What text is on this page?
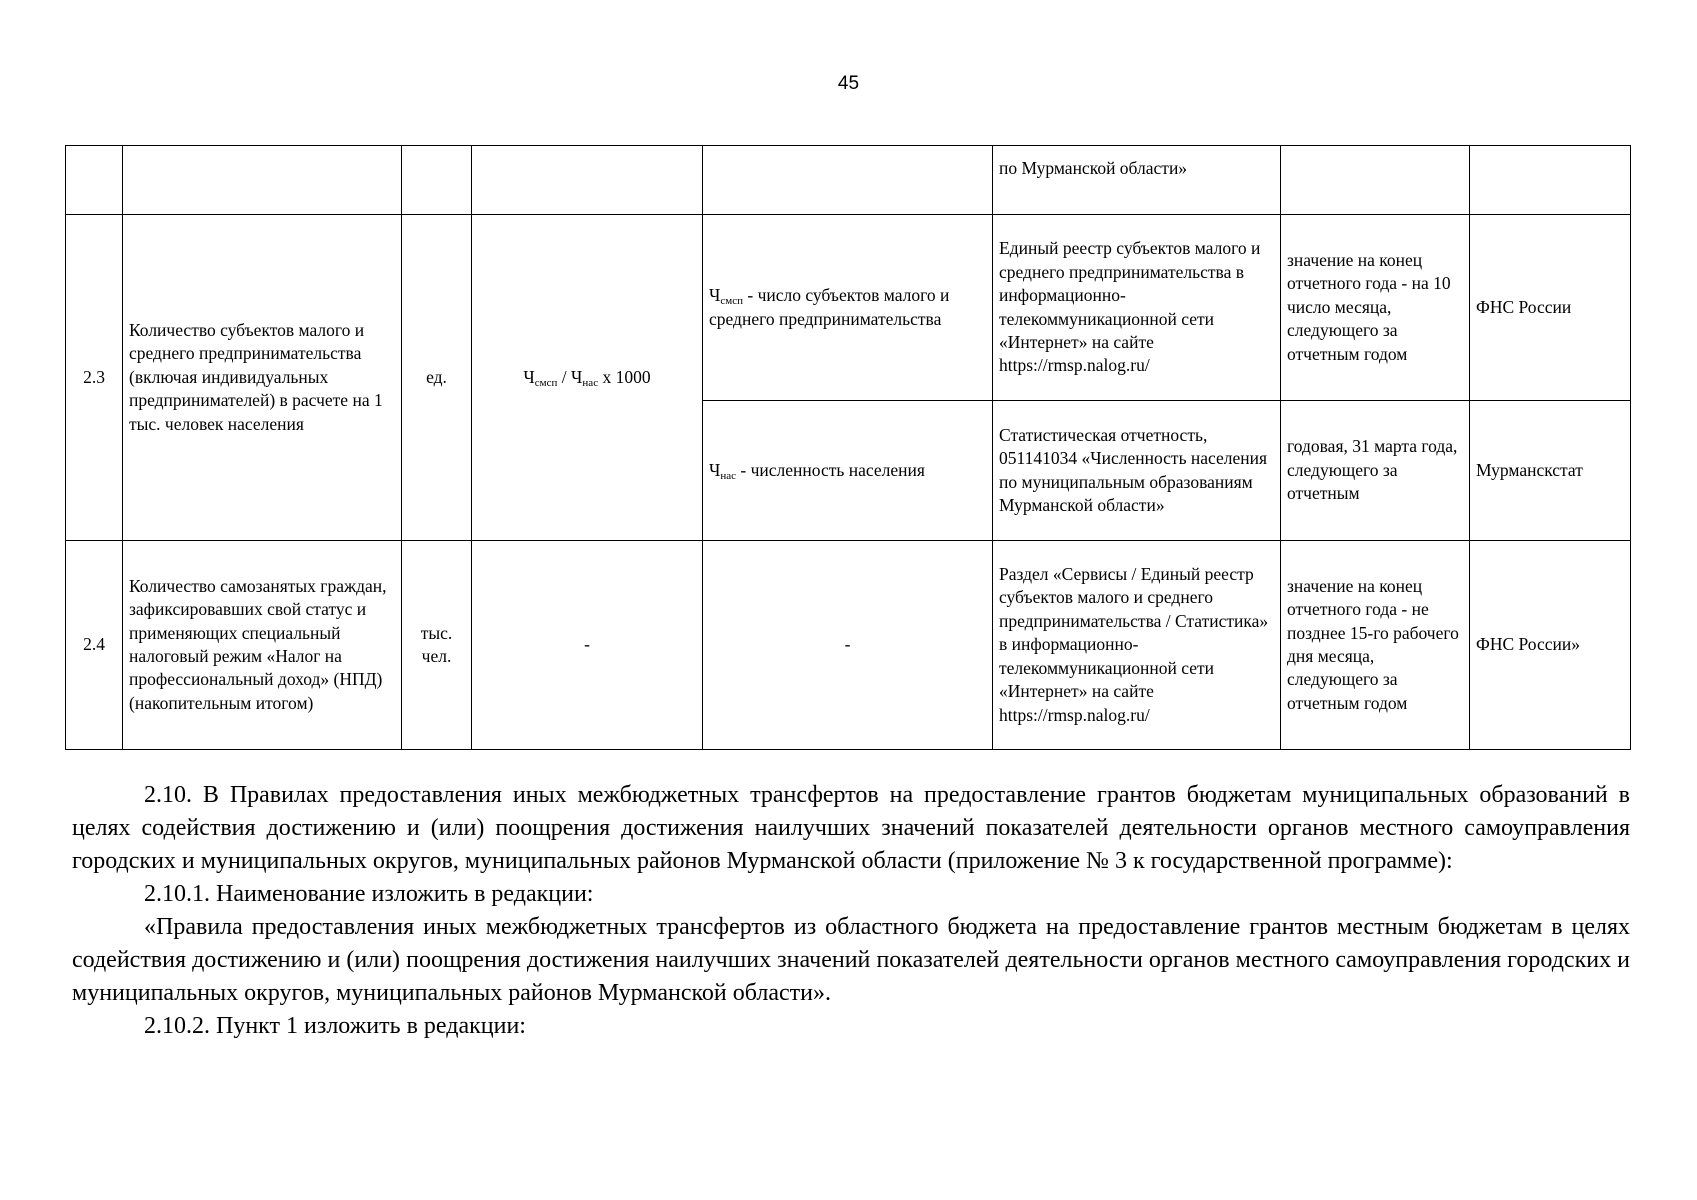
45
					по Мурманской области»		
2.3	Количество субъектов малого и среднего предпринимательства (включая индивидуальных предпринимателей) в расчете на 1 тыс. человек населения	ед.	$Ч_{смсп} / Ч_{нас}$ х 1000	$Ч_{смсп}$ - число субъектов малого и среднего предпринимательства	Единый реестр субъектов малого и среднего предпринимательства в информационно-телекоммуникационной сети «Интернет» на сайте https://rmsp.nalog.ru/	значение на конец отчетного года - на 10 число месяца, следующего за отчетным годом	ФНС России
				$Ч_{нас}$ - численность населения	Статистическая отчетность, 051141034 «Численность населения по муниципальным образованиям Мурманской области»	годовая, 31 марта года, следующего за отчетным	Мурманскстат
2.4	Количество самозанятых граждан, зафиксировавших свой статус и применяющих специальный налоговый режим «Налог на профессиональный доход» (НПД) (накопительным итогом)	тыс. чел.	-	-	Раздел «Сервисы / Единый реестр субъектов малого и среднего предпринимательства / Статистика» в информационно-телекоммуникационной сети «Интернет» на сайте https://rmsp.nalog.ru/	значение на конец отчетного года - не позднее 15-го рабочего дня месяца, следующего за отчетным годом	ФНС России»

2.10. В Правилах предоставления иных межбюджетных трансфертов на предоставление грантов бюджетам муниципальных образований в целях содействия достижению и (или) поощрения достижения наилучших значений показателей деятельности органов местного самоуправления городских и муниципальных округов, муниципальных районов Мурманской области (приложение № 3 к государственной программе):

2.10.1. Наименование изложить в редакции:

«Правила предоставления иных межбюджетных трансфертов из областного бюджета на предоставление грантов местным бюджетам в целях содействия достижению и (или) поощрения достижения наилучших значений показателей деятельности органов местного самоуправления городских и муниципальных округов, муниципальных районов Мурманской области».

2.10.2. Пункт 1 изложить в редакции:
